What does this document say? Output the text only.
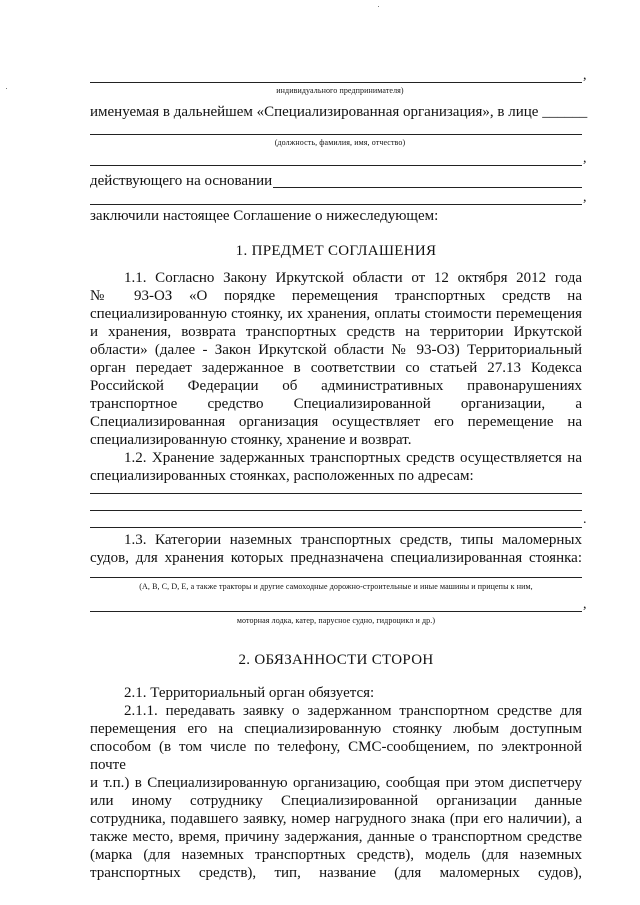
,
индивидуального предпринимателя)
именуемая в дальнейшем «Специализированная организация», в лице ______
(должность, фамилия, имя, отчество)
,
действующего на основании
,
заключили настоящее Соглашение о нижеследующем:
1. ПРЕДМЕТ СОГЛАШЕНИЯ
1.1. Согласно Закону Иркутской области от 12 октября 2012 года
№ 93-ОЗ «О порядке перемещения транспортных средств на
специализированную стоянку, их хранения, оплаты стоимости перемещения
и хранения, возврата транспортных средств на территории Иркутской
области» (далее - Закон Иркутской области № 93-ОЗ) Территориальный
орган передает задержанное в соответствии со статьей 27.13 Кодекса
Российской Федерации об административных правонарушениях
транспортное средство Специализированной организации, а
Специализированная организация осуществляет его перемещение на
специализированную стоянку, хранение и возврат.
1.2. Хранение задержанных транспортных средств осуществляется на
специализированных стоянках, расположенных по адресам:
.
1.3. Категории наземных транспортных средств, типы маломерных
судов, для хранения которых предназначена специализированная стоянка:
(А, В, С, D, Е, а также тракторы и другие самоходные дорожно-строительные и иные машины и прицепы к ним,
,
моторная лодка, катер, парусное судно, гидроцикл и др.)
2. ОБЯЗАННОСТИ СТОРОН
2.1. Территориальный орган обязуется:
2.1.1. передавать заявку о задержанном транспортном средстве для
перемещения его на специализированную стоянку любым доступным
способом (в том числе по телефону, СМС-сообщением, по электронной почте
и т.п.) в Специализированную организацию, сообщая при этом диспетчеру
или иному сотруднику Специализированной организации данные
сотрудника, подавшего заявку, номер нагрудного знака (при его наличии), а
также место, время, причину задержания, данные о транспортном средстве
(марка (для наземных транспортных средств), модель (для наземных
транспортных средств), тип, название (для маломерных судов),
